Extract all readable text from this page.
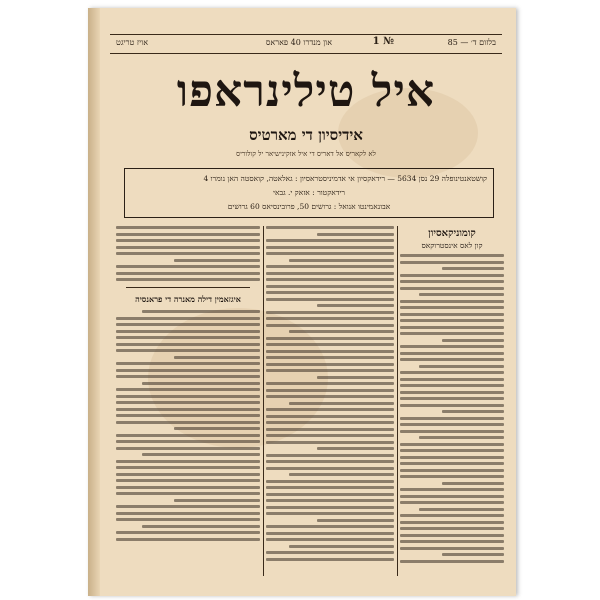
בלזום ד׳ — 85
№ 1
און מנדרו 40 פאראס
אויז טריגט
איל טילינראפו
אידיסיון די מארטיס
לא לקאריס אל דאריס די איל אזקינישיאר יל קולוריס
קושטאנטינופלה 29 נסן 5634 — רידאקסיון אי אדמיניסטראסיון : גאלאטה, קואסטה האן נומרו 4
רידאקטור : אזאק י. גבאי
אבונאמינטו אנואל : גרושים 50, פרובינסיאס 60 גרושים
קומוניקאסיון
קון לאס אינסטרוקאס
איגזאמין דילה מאנרה די פראנסיה
